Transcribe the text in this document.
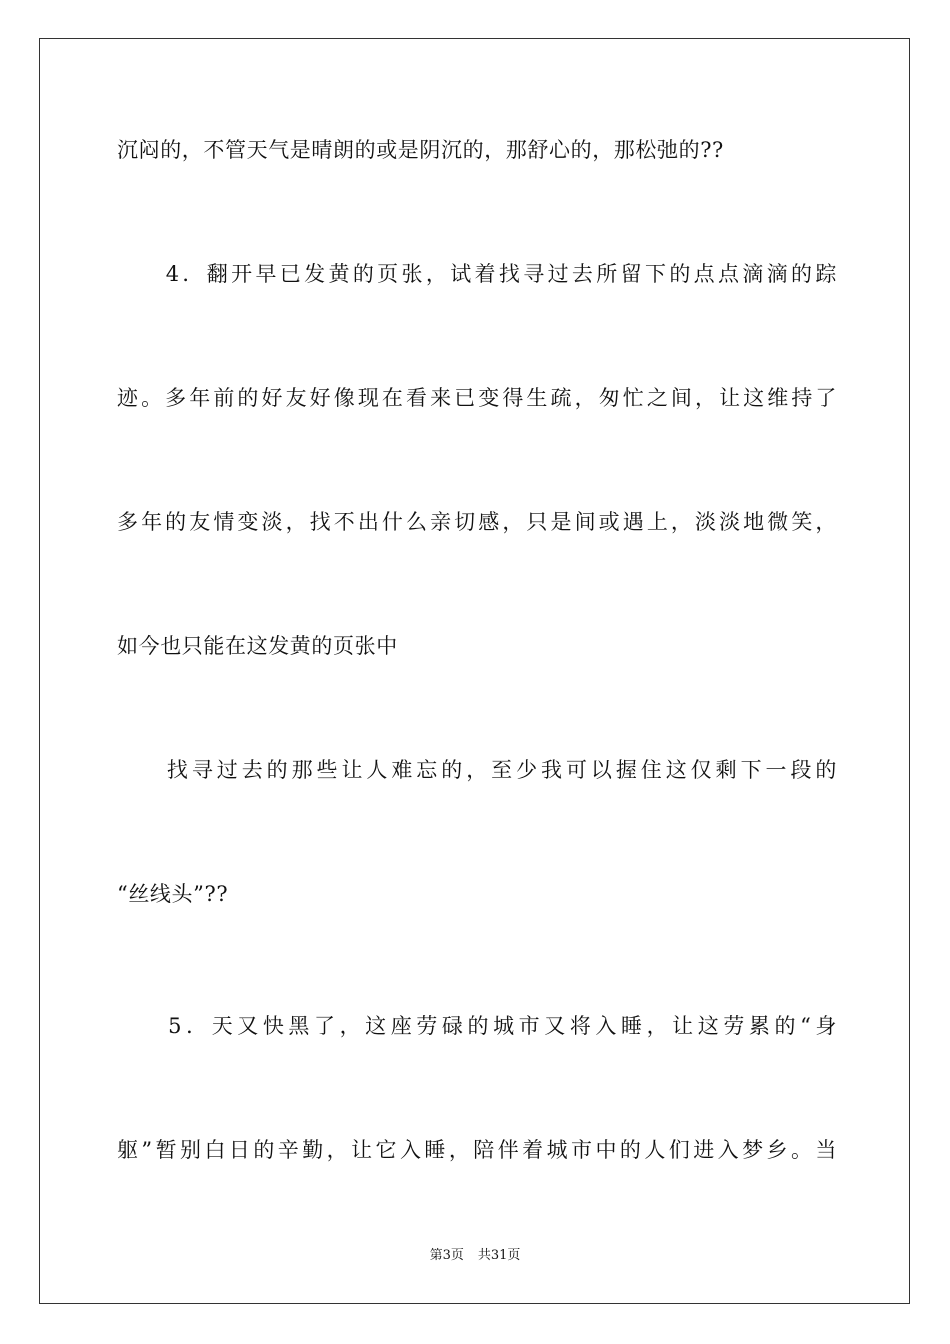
沉闷的，不管天气是晴朗的或是阴沉的，那舒心的，那松弛的??
　　4．翻开早已发黄的页张，试着找寻过去所留下的点点滴滴的踪
迹。多年前的好友好像现在看来已变得生疏，匆忙之间，让这维持了
多年的友情变淡，找不出什么亲切感，只是间或遇上，淡淡地微笑，
如今也只能在这发黄的页张中
　　找寻过去的那些让人难忘的，至少我可以握住这仅剩下一段的
“丝线头”??
　　5．天又快黑了，这座劳碌的城市又将入睡，让这劳累的“身
躯”暂别白日的辛勤，让它入睡，陪伴着城市中的人们进入梦乡。当
第3页 共31页
